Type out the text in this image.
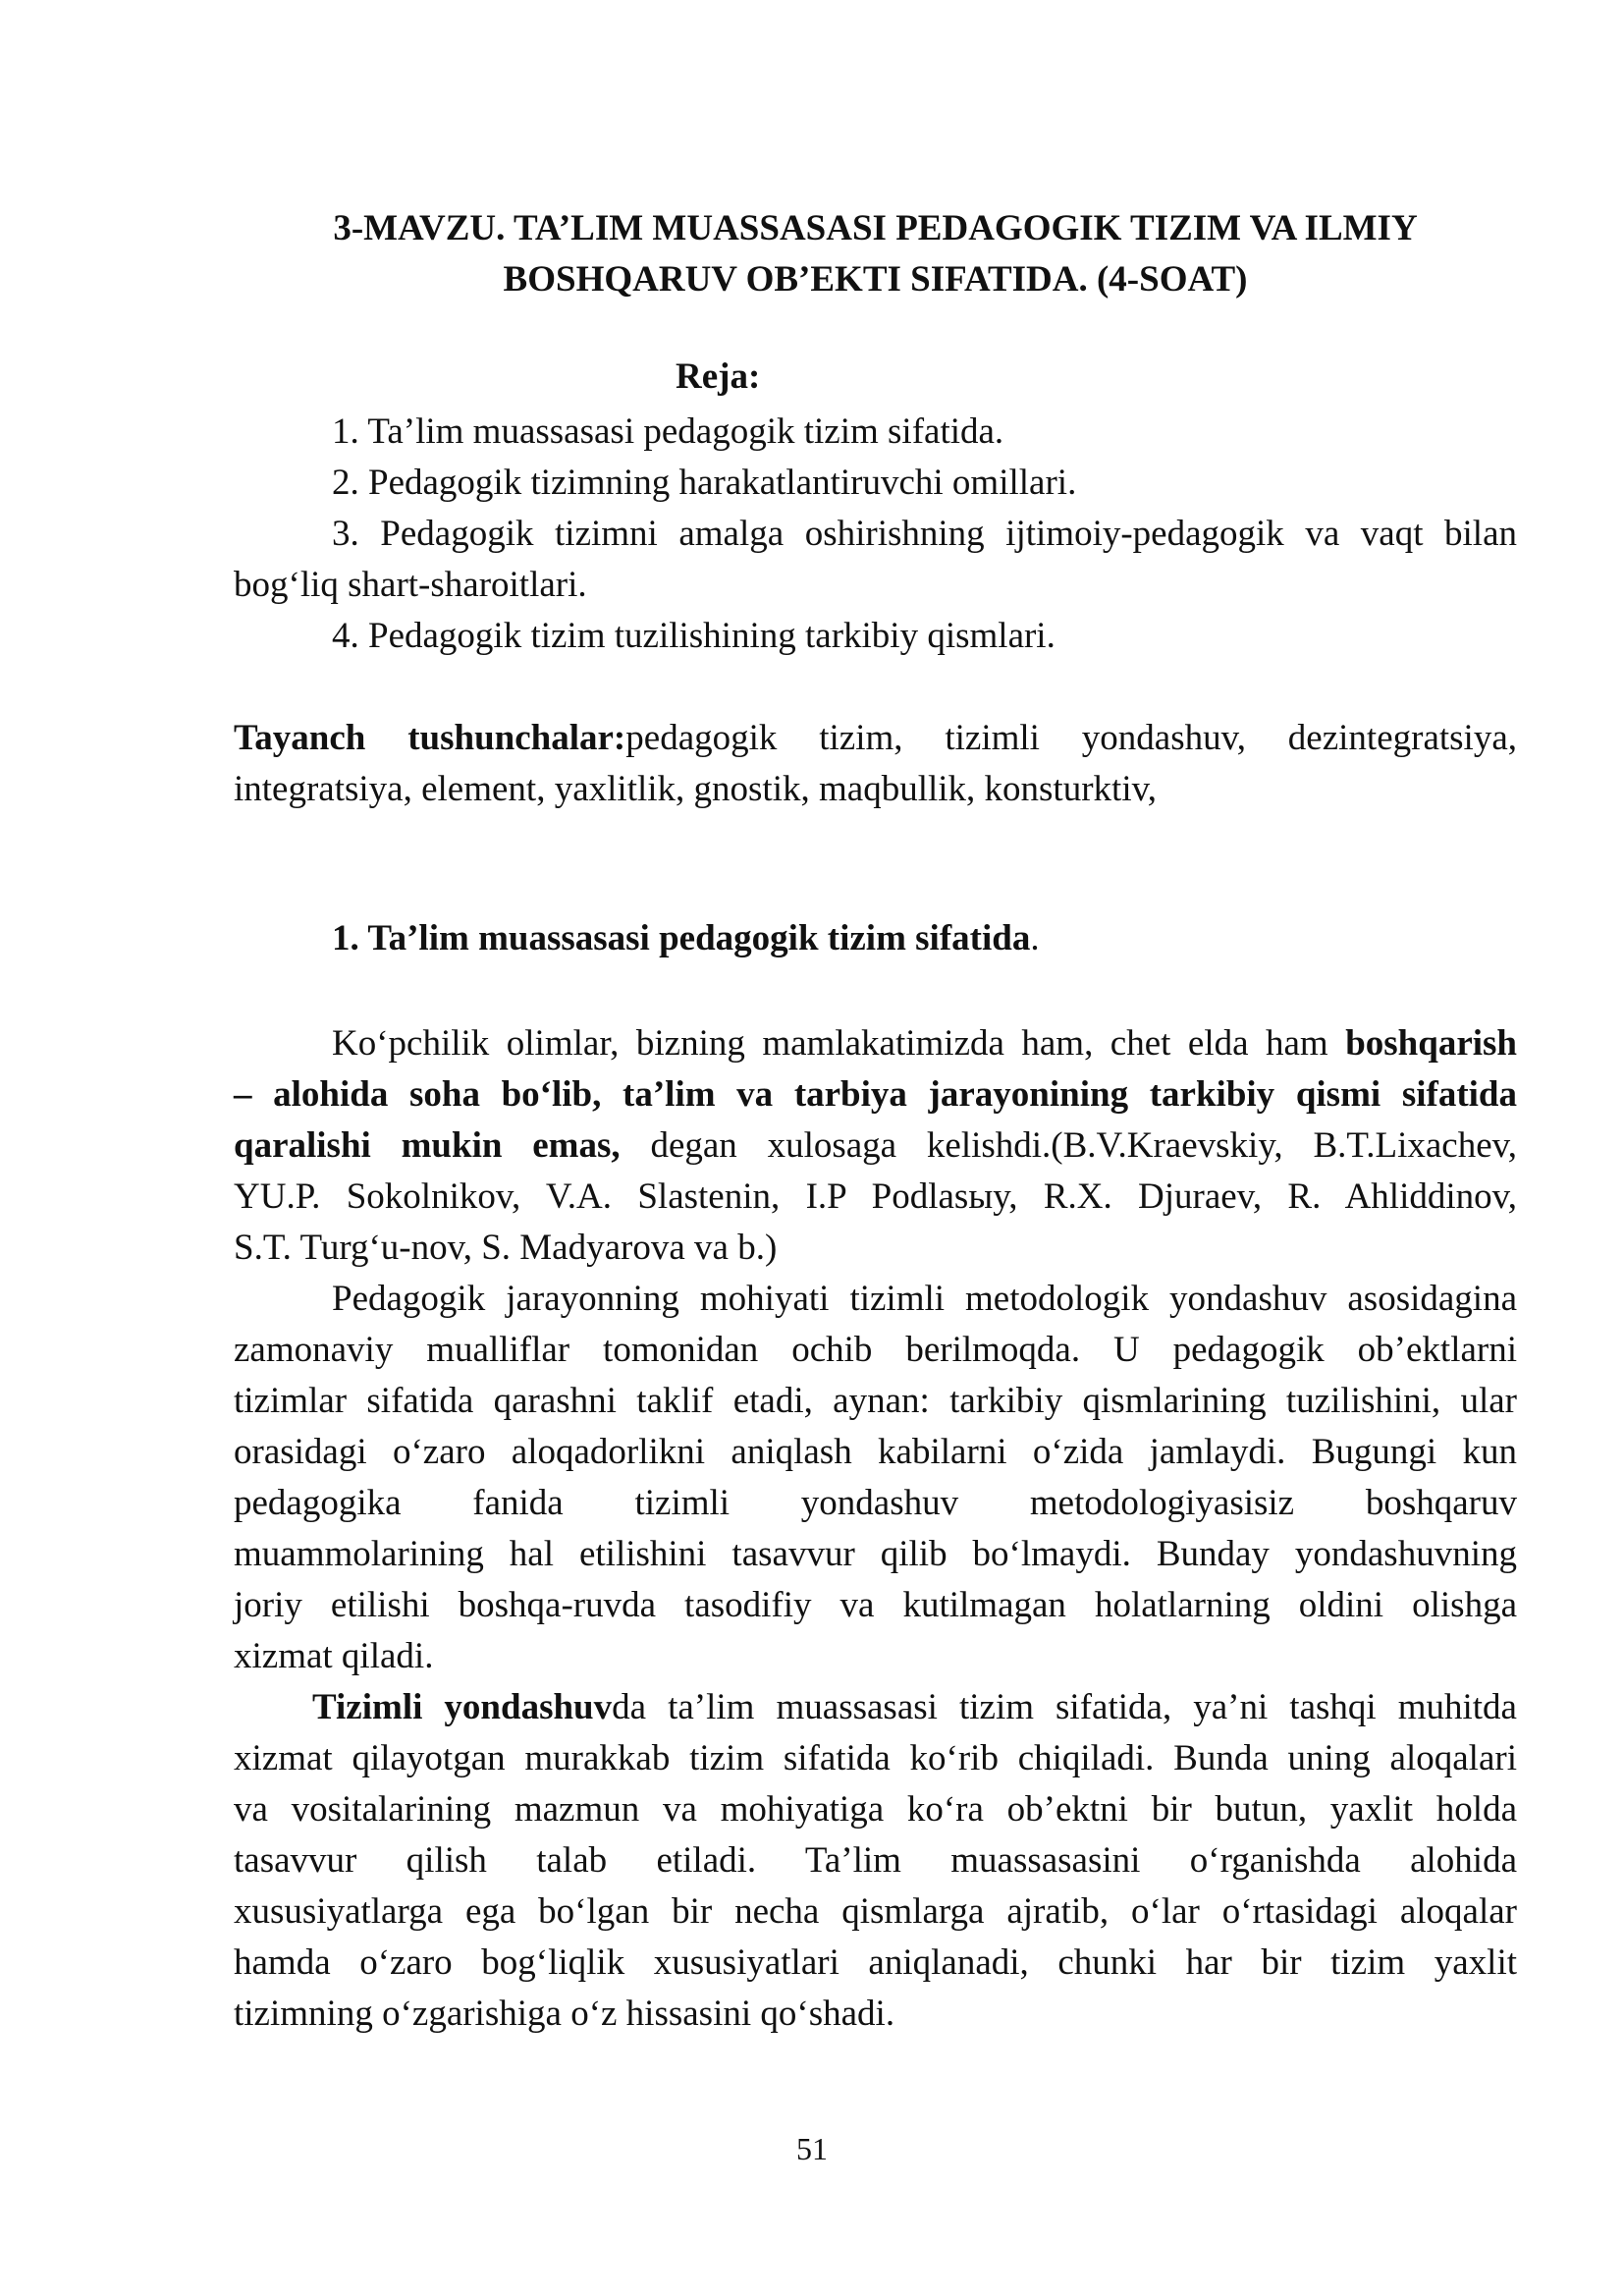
3-MAVZU. TA’LIM MUASSASASI PEDAGOGIK TIZIM VA ILMIY
BOSHQARUV OB’EKTI SIFATIDA. (4-SOAT)
Reja:
1. Ta’lim muassasasi pedagogik tizim sifatida.
2. Pedagogik tizimning harakatlantiruvchi omillari.
3. Pedagogik tizimni amalga oshirishning ijtimoiy-pedagogik va vaqt bilan
bog‘liq shart-sharoitlari.
4. Pedagogik tizim tuzilishining tarkibiy qismlari.
Tayanch tushunchalar:pedagogik tizim, tizimli yondashuv, dezintegratsiya,
integratsiya, element, yaxlitlik, gnostik, maqbullik, konsturktiv,
1. Ta’lim muassasasi pedagogik tizim sifatida.
Ko‘pchilik olimlar, bizning mamlakatimizda ham, chet elda ham boshqarish
– alohida soha bo‘lib, ta’lim va tarbiya jarayonining tarkibiy qismi sifatida
qaralishi mukin emas, degan xulosaga kelishdi.(B.V.Kraevskiy, B.T.Lixachev,
YU.P. Sokolnikov, V.A. Slastenin, I.P Podlasыy, R.X. Djuraev, R. Ahliddinov,
S.T. Turg‘u-nov, S. Madyarova va b.)
Pedagogik jarayonning mohiyati tizimli metodologik yondashuv asosidagina
zamonaviy mualliflar tomonidan ochib berilmoqda. U pedagogik ob’ektlarni
tizimlar sifatida qarashni taklif etadi, aynan: tarkibiy qismlarining tuzilishini, ular
orasidagi o‘zaro aloqadorlikni aniqlash kabilarni o‘zida jamlaydi. Bugungi kun
pedagogika fanida tizimli yondashuv metodologiyasisiz boshqaruv
muammolarining hal etilishini tasavvur qilib bo‘lmaydi. Bunday yondashuvning
joriy etilishi boshqa-ruvda tasodifiy va kutilmagan holatlarning oldini olishga
xizmat qiladi.
Tizimli yondashuvda ta’lim muassasasi tizim sifatida, ya’ni tashqi muhitda
xizmat qilayotgan murakkab tizim sifatida ko‘rib chiqiladi. Bunda uning aloqalari
va vositalarining mazmun va mohiyatiga ko‘ra ob’ektni bir butun, yaxlit holda
tasavvur qilish talab etiladi. Ta’lim muassasasini o‘rganishda alohida
xususiyatlarga ega bo‘lgan bir necha qismlarga ajratib, o‘lar o‘rtasidagi aloqalar
hamda o‘zaro bog‘liqlik xususiyatlari aniqlanadi, chunki har bir tizim yaxlit
tizimning o‘zgarishiga o‘z hissasini qo‘shadi.
51
